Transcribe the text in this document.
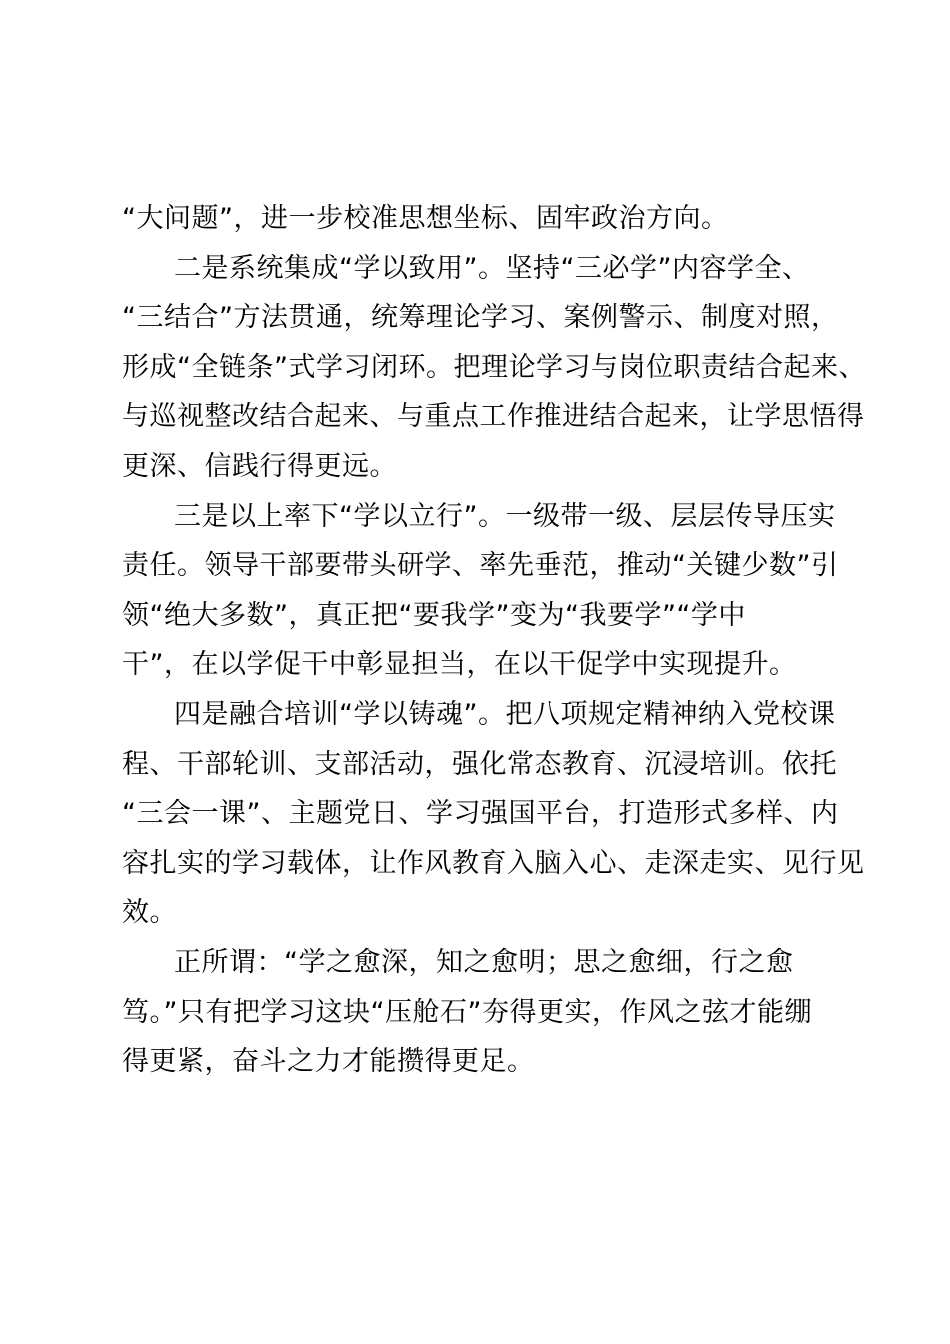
“大问题”，进一步校准思想坐标、固牢政治方向。
二是系统集成“学以致用”。坚持“三必学”内容学全、
“三结合”方法贯通，统筹理论学习、案例警示、制度对照，
形成“全链条”式学习闭环。把理论学习与岗位职责结合起来、
与巡视整改结合起来、与重点工作推进结合起来，让学思悟得
更深、信践行得更远。
三是以上率下“学以立行”。一级带一级、层层传导压实
责任。领导干部要带头研学、率先垂范，推动“关键少数”引
领“绝大多数”，真正把“要我学”变为“我要学”“学中
干”，在以学促干中彰显担当，在以干促学中实现提升。
四是融合培训“学以铸魂”。把八项规定精神纳入党校课
程、干部轮训、支部活动，强化常态教育、沉浸培训。依托
“三会一课”、主题党日、学习强国平台，打造形式多样、内
容扎实的学习载体，让作风教育入脑入心、走深走实、见行见
效。
正所谓：“学之愈深，知之愈明；思之愈细，行之愈
笃。”只有把学习这块“压舱石”夯得更实，作风之弦才能绷
得更紧，奋斗之力才能攒得更足。
